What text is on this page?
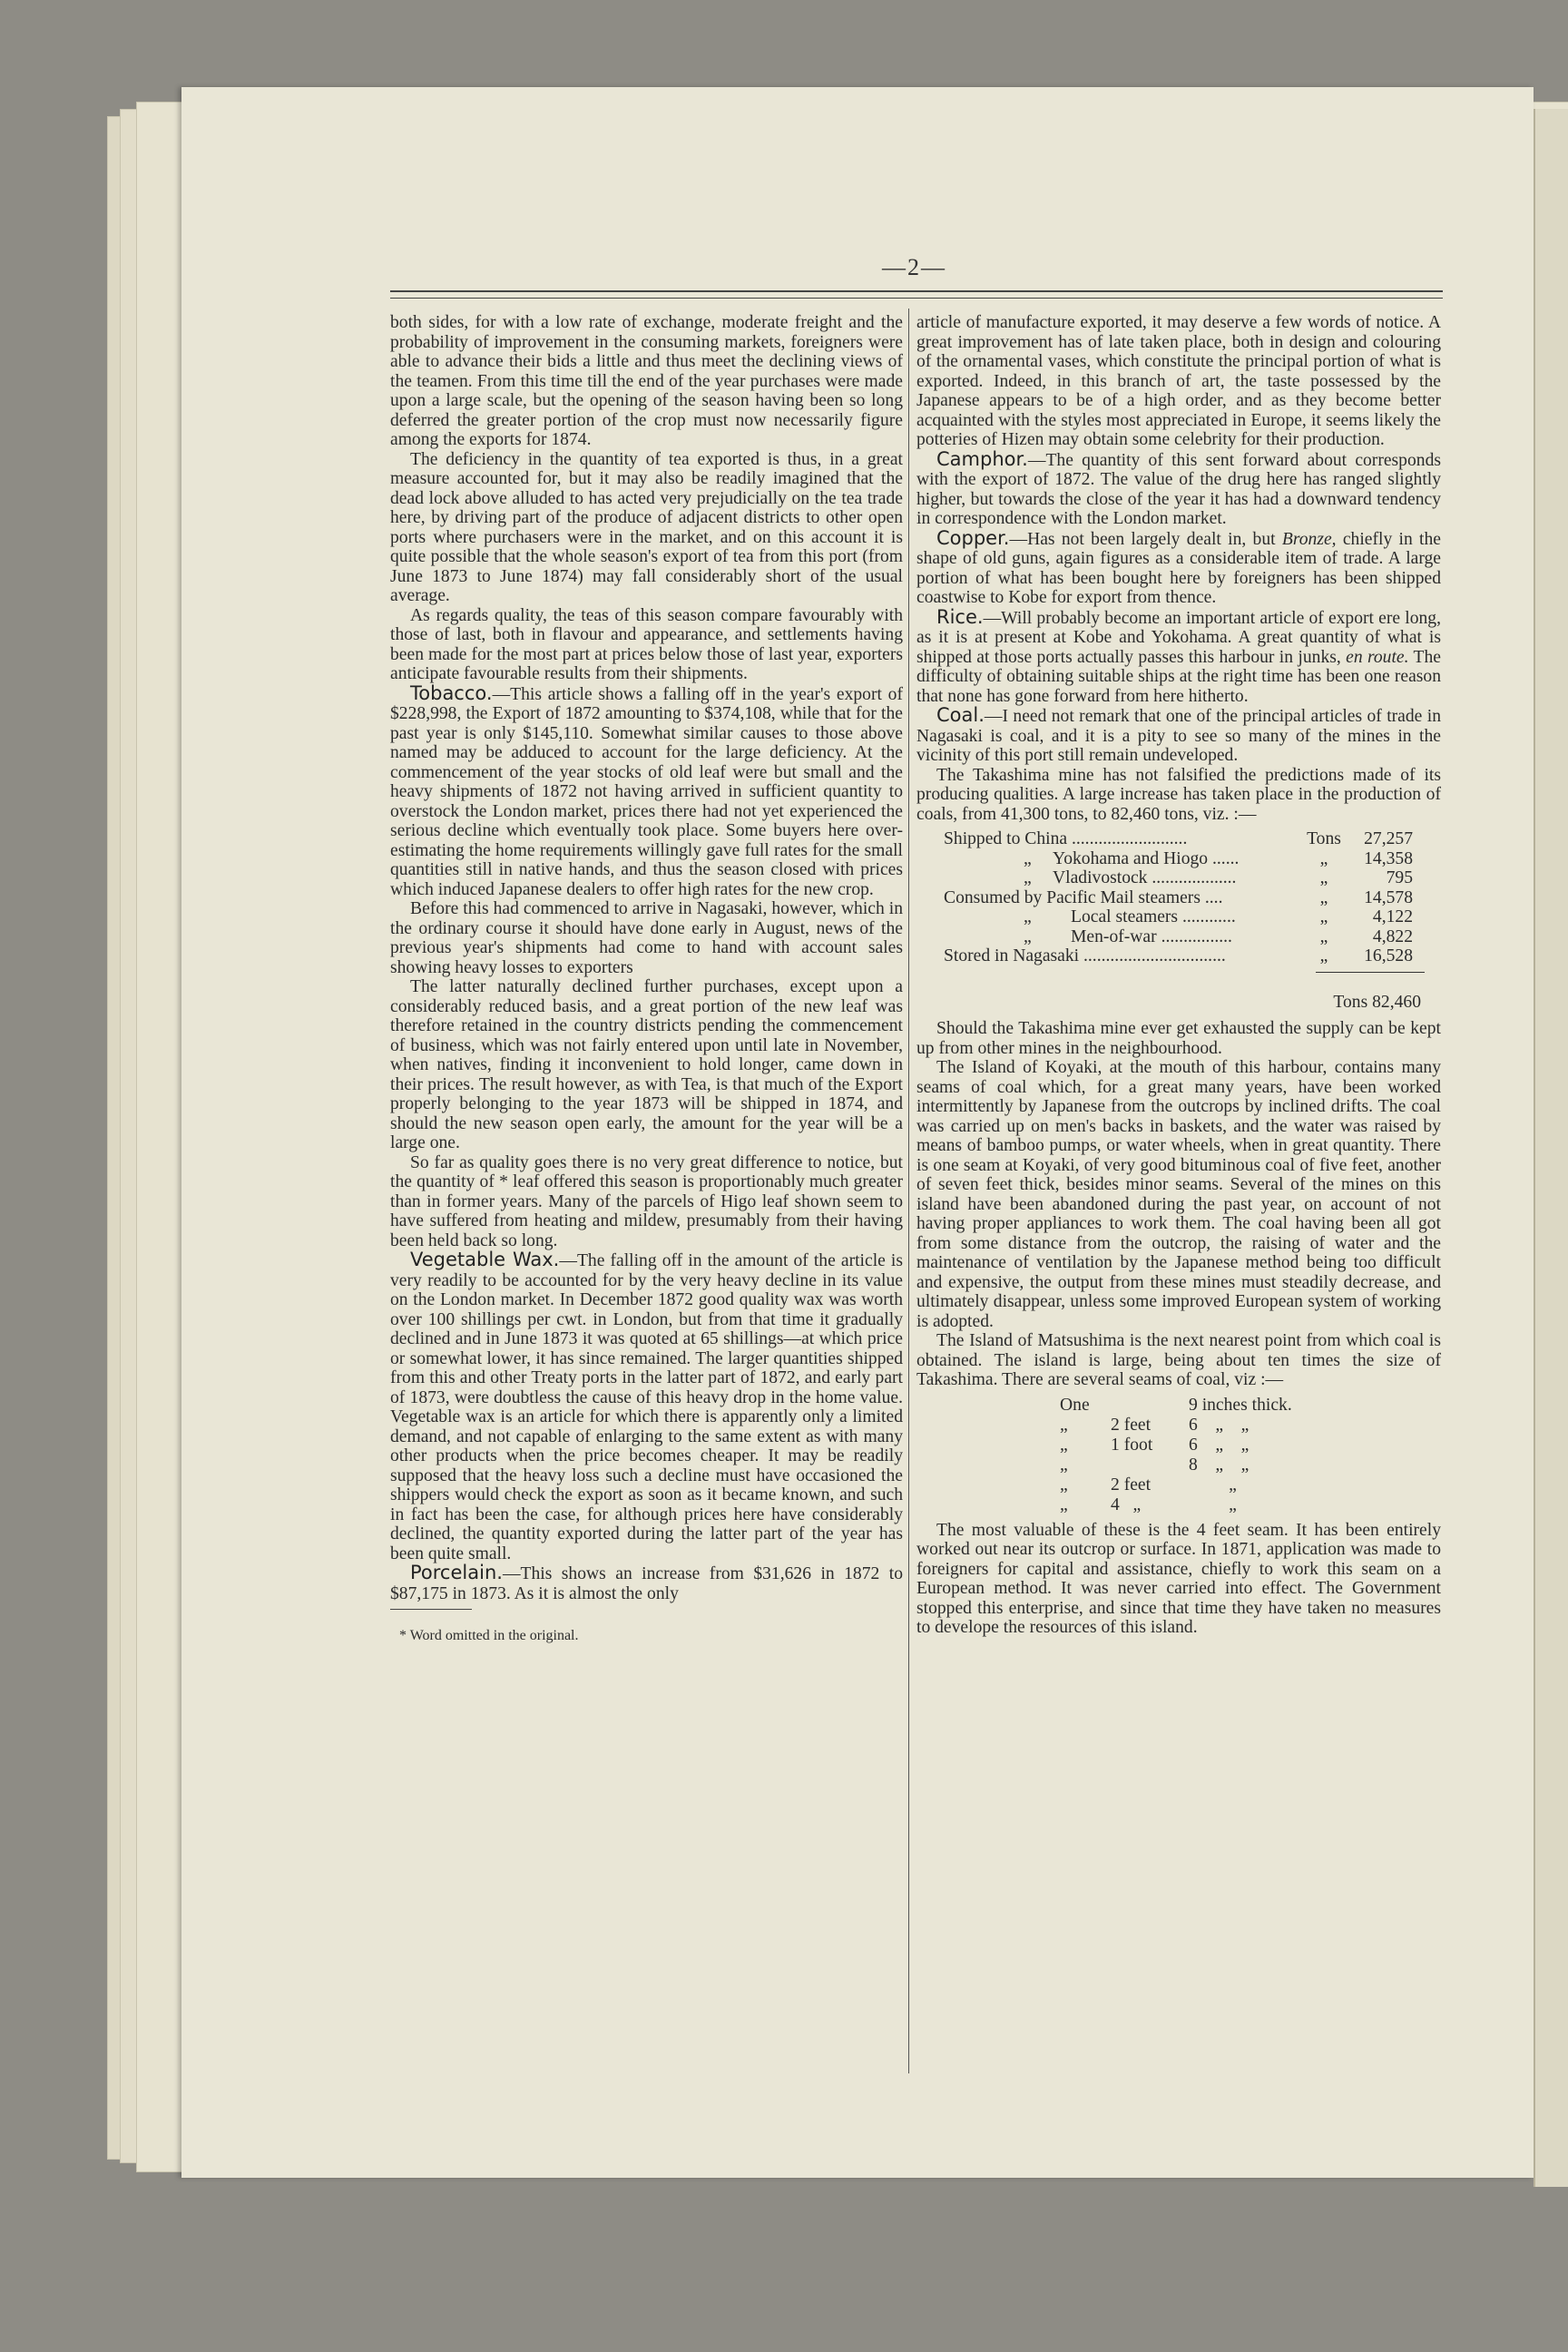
—2—

both sides, for with a low rate of exchange, moderate freight and the probability of improvement in the consuming markets, foreigners were able to advance their bids a little and thus meet the declining views of the teamen. From this time till the end of the year purchases were made upon a large scale, but the opening of the season having been so long deferred the greater portion of the crop must now necessarily figure among the exports for 1874.

The deficiency in the quantity of tea exported is thus, in a great measure accounted for, but it may also be readily imagined that the dead lock above alluded to has acted very prejudicially on the tea trade here, by driving part of the produce of adjacent districts to other open ports where purchasers were in the market, and on this account it is quite possible that the whole season's export of tea from this port (from June 1873 to June 1874) may fall considerably short of the usual average.

As regards quality, the teas of this season compare favourably with those of last, both in flavour and appearance, and settlements having been made for the most part at prices below those of last year, exporters anticipate favourable results from their shipments.

Tobacco.—This article shows a falling off in the year's export of $228,998, the Export of 1872 amounting to $374,108, while that for the past year is only $145,110. Somewhat similar causes to those above named may be adduced to account for the large deficiency. At the commencement of the year stocks of old leaf were but small and the heavy shipments of 1872 not having arrived in sufficient quantity to overstock the London market, prices there had not yet experienced the serious decline which eventually took place. Some buyers here over-estimating the home requirements willingly gave full rates for the small quantities still in native hands, and thus the season closed with prices which induced Japanese dealers to offer high rates for the new crop.

Before this had commenced to arrive in Nagasaki, however, which in the ordinary course it should have done early in August, news of the previous year's shipments had come to hand with account sales showing heavy losses to exporters

The latter naturally declined further purchases, except upon a considerably reduced basis, and a great portion of the new leaf was therefore retained in the country districts pending the commencement of business, which was not fairly entered upon until late in November, when natives, finding it inconvenient to hold longer, came down in their prices. The result however, as with Tea, is that much of the Export properly belonging to the year 1873 will be shipped in 1874, and should the new season open early, the amount for the year will be a large one.

So far as quality goes there is no very great difference to notice, but the quantity of * leaf offered this season is proportionably much greater than in former years. Many of the parcels of Higo leaf shown seem to have suffered from heating and mildew, presumably from their having been held back so long.

Vegetable Wax.—The falling off in the amount of the article is very readily to be accounted for by the very heavy decline in its value on the London market. In December 1872 good quality wax was worth over 100 shillings per cwt. in London, but from that time it gradually declined and in June 1873 it was quoted at 65 shillings—at which price or somewhat lower, it has since remained. The larger quantities shipped from this and other Treaty ports in the latter part of 1872, and early part of 1873, were doubtless the cause of this heavy drop in the home value. Vegetable wax is an article for which there is apparently only a limited demand, and not capable of enlarging to the same extent as with many other products when the price becomes cheaper. It may be readily supposed that the heavy loss such a decline must have occasioned the shippers would check the export as soon as it became known, and such in fact has been the case, for although prices here have considerably declined, the quantity exported during the latter part of the year has been quite small.

Porcelain.—This shows an increase from $31,626 in 1872 to $87,175 in 1873. As it is almost the only

* Word omitted in the original.

article of manufacture exported, it may deserve a few words of notice. A great improvement has of late taken place, both in design and colouring of the ornamental vases, which constitute the principal portion of what is exported. Indeed, in this branch of art, the taste possessed by the Japanese appears to be of a high order, and as they become better acquainted with the styles most appreciated in Europe, it seems likely the potteries of Hizen may obtain some celebrity for their production.

Camphor.—The quantity of this sent forward about corresponds with the export of 1872. The value of the drug here has ranged slightly higher, but towards the close of the year it has had a downward tendency in correspondence with the London market.

Copper.—Has not been largely dealt in, but Bronze, chiefly in the shape of old guns, again figures as a considerable item of trade. A large portion of what has been bought here by foreigners has been shipped coastwise to Kobe for export from thence.

Rice.—Will probably become an important article of export ere long, as it is at present at Kobe and Yokohama. A great quantity of what is shipped at those ports actually passes this harbour in junks, en route. The difficulty of obtaining suitable ships at the right time has been one reason that none has gone forward from here hitherto.

Coal.—I need not remark that one of the principal articles of trade in Nagasaki is coal, and it is a pity to see so many of the mines in the vicinity of this port still remain undeveloped.

The Takashima mine has not falsified the predictions made of its producing qualities. A large increase has taken place in the production of coals, from 41,300 tons, to 82,460 tons, viz. :—

Shipped to China ..........................	Tons	27,257
„ Yokohama and Hiogo ......	„	14,358
„ Vladivostock ...................	„	795
Consumed by Pacific Mail steamers ....	„	14,578
„ Local steamers ............	„	4,122
„ Men-of-war ................	„	4,822
Stored in Nagasaki ................................	„	16,528
Tons 82,460

Should the Takashima mine ever get exhausted the supply can be kept up from other mines in the neighbourhood.

The Island of Koyaki, at the mouth of this harbour, contains many seams of coal which, for a great many years, have been worked intermittently by Japanese from the outcrops by inclined drifts. The coal was carried up on men's backs in baskets, and the water was raised by means of bamboo pumps, or water wheels, when in great quantity. There is one seam at Koyaki, of very good bituminous coal of five feet, another of seven feet thick, besides minor seams. Several of the mines on this island have been abandoned during the past year, on account of not having proper appliances to work them. The coal having been all got from some distance from the outcrop, the raising of water and the maintenance of ventilation by the Japanese method being too difficult and expensive, the output from these mines must steadily decrease, and ultimately disappear, unless some improved European system of working is adopted.

The Island of Matsushima is the next nearest point from which coal is obtained. The island is large, being about ten times the size of Takashima. There are several seams of coal, viz :—

One		9 inches thick.
„	2 feet	6    „    „
„	1 foot	6    „    „
„		8    „    „
„	2 feet	„
„	4   „	„

The most valuable of these is the 4 feet seam. It has been entirely worked out near its outcrop or surface. In 1871, application was made to foreigners for capital and assistance, chiefly to work this seam on a European method. It was never carried into effect. The Government stopped this enterprise, and since that time they have taken no measures to develope the resources of this island.
